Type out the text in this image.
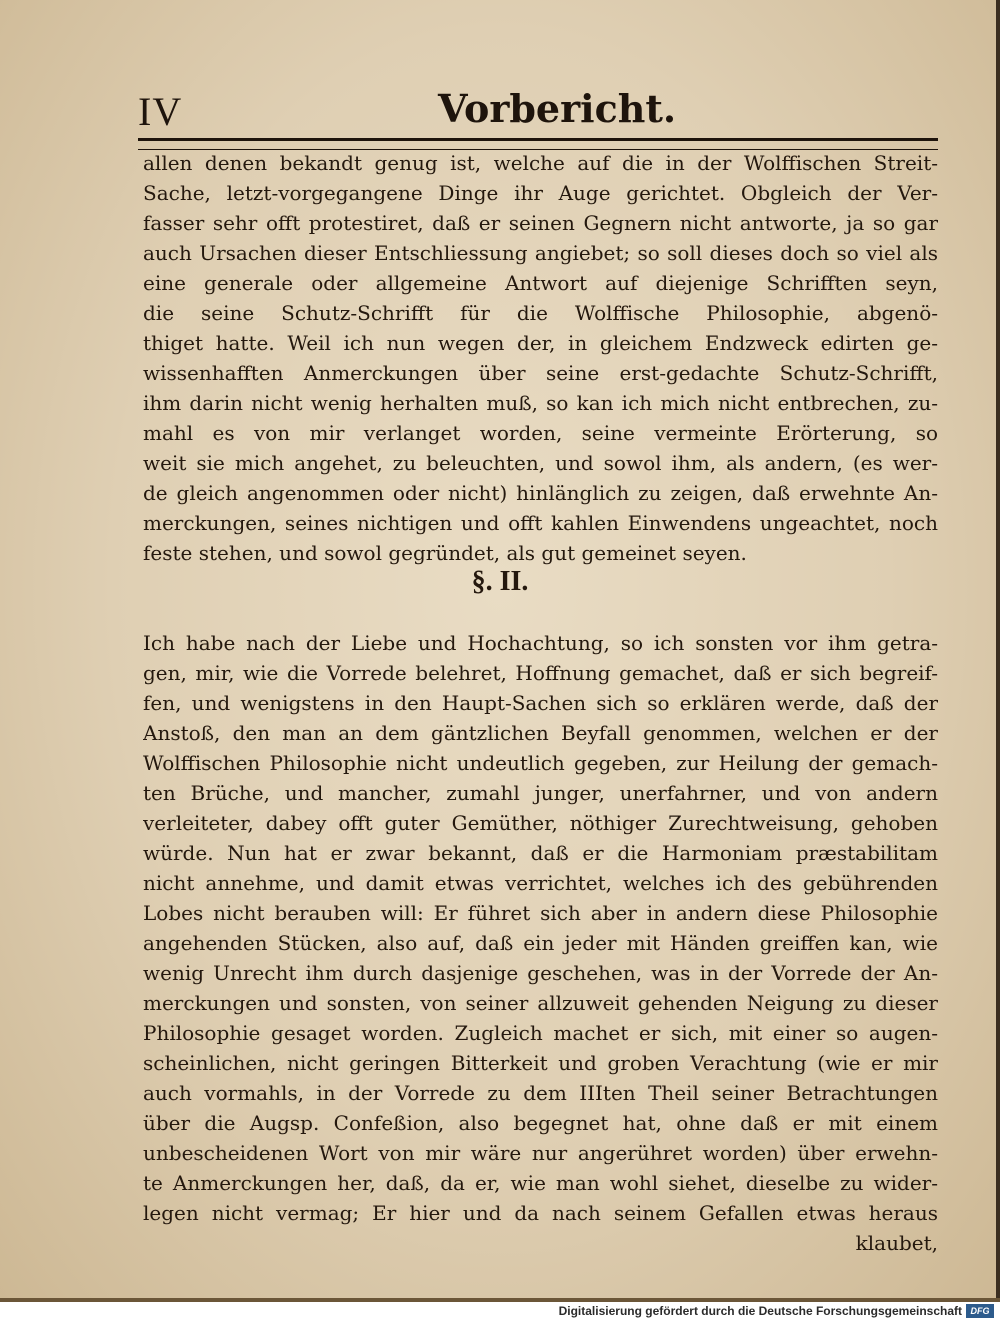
IV	Vorbericht.
allen denen bekandt genug ist, welche auf die in der Wolffischen Streit-
Sache, letzt-vorgegangene Dinge ihr Auge gerichtet. Obgleich der Ver-
fasser sehr offt protestiret, daß er seinen Gegnern nicht antworte, ja so gar
auch Ursachen dieser Entschliessung angiebet; so soll dieses doch so viel als
eine generale oder allgemeine Antwort auf diejenige Schrifften seyn,
die seine Schutz-Schrifft für die Wolffische Philosophie, abgenö-
thiget hatte. Weil ich nun wegen der, in gleichem Endzweck edirten ge-
wissenhafften Anmerckungen über seine erst-gedachte Schutz-Schrifft,
ihm darin nicht wenig herhalten muß, so kan ich mich nicht entbrechen, zu-
mahl es von mir verlanget worden, seine vermeinte Erörterung, so
weit sie mich angehet, zu beleuchten, und sowol ihm, als andern, (es wer-
de gleich angenommen oder nicht) hinlänglich zu zeigen, daß erwehnte An-
merckungen, seines nichtigen und offt kahlen Einwendens ungeachtet, noch
feste stehen, und sowol gegründet, als gut gemeinet seyen.
§. II.
Ich habe nach der Liebe und Hochachtung, so ich sonsten vor ihm getra-
gen, mir, wie die Vorrede belehret, Hoffnung gemachet, daß er sich begreif-
fen, und wenigstens in den Haupt-Sachen sich so erklären werde, daß der
Anstoß, den man an dem gäntzlichen Beyfall genommen, welchen er der
Wolffischen Philosophie nicht undeutlich gegeben, zur Heilung der gemach-
ten Brüche, und mancher, zumahl junger, unerfahrner, und von andern
verleiteter, dabey offt guter Gemüther, nöthiger Zurechtweisung, gehoben
würde. Nun hat er zwar bekannt, daß er die Harmoniam præstabilitam
nicht annehme, und damit etwas verrichtet, welches ich des gebührenden
Lobes nicht berauben will: Er führet sich aber in andern diese Philosophie
angehenden Stücken, also auf, daß ein jeder mit Händen greiffen kan, wie
wenig Unrecht ihm durch dasjenige geschehen, was in der Vorrede der An-
merckungen und sonsten, von seiner allzuweit gehenden Neigung zu dieser
Philosophie gesaget worden. Zugleich machet er sich, mit einer so augen-
scheinlichen, nicht geringen Bitterkeit und groben Verachtung (wie er mir
auch vormahls, in der Vorrede zu dem IIIten Theil seiner Betrachtungen
über die Augsp. Confeßion, also begegnet hat, ohne daß er mit einem
unbescheidenen Wort von mir wäre nur angerühret worden) über erwehn-
te Anmerckungen her, daß, da er, wie man wohl siehet, dieselbe zu wider-
legen nicht vermag; Er hier und da nach seinem Gefallen etwas heraus
klaubet,
Digitalisierung gefördert durch die Deutsche Forschungsgemeinschaft DFG
